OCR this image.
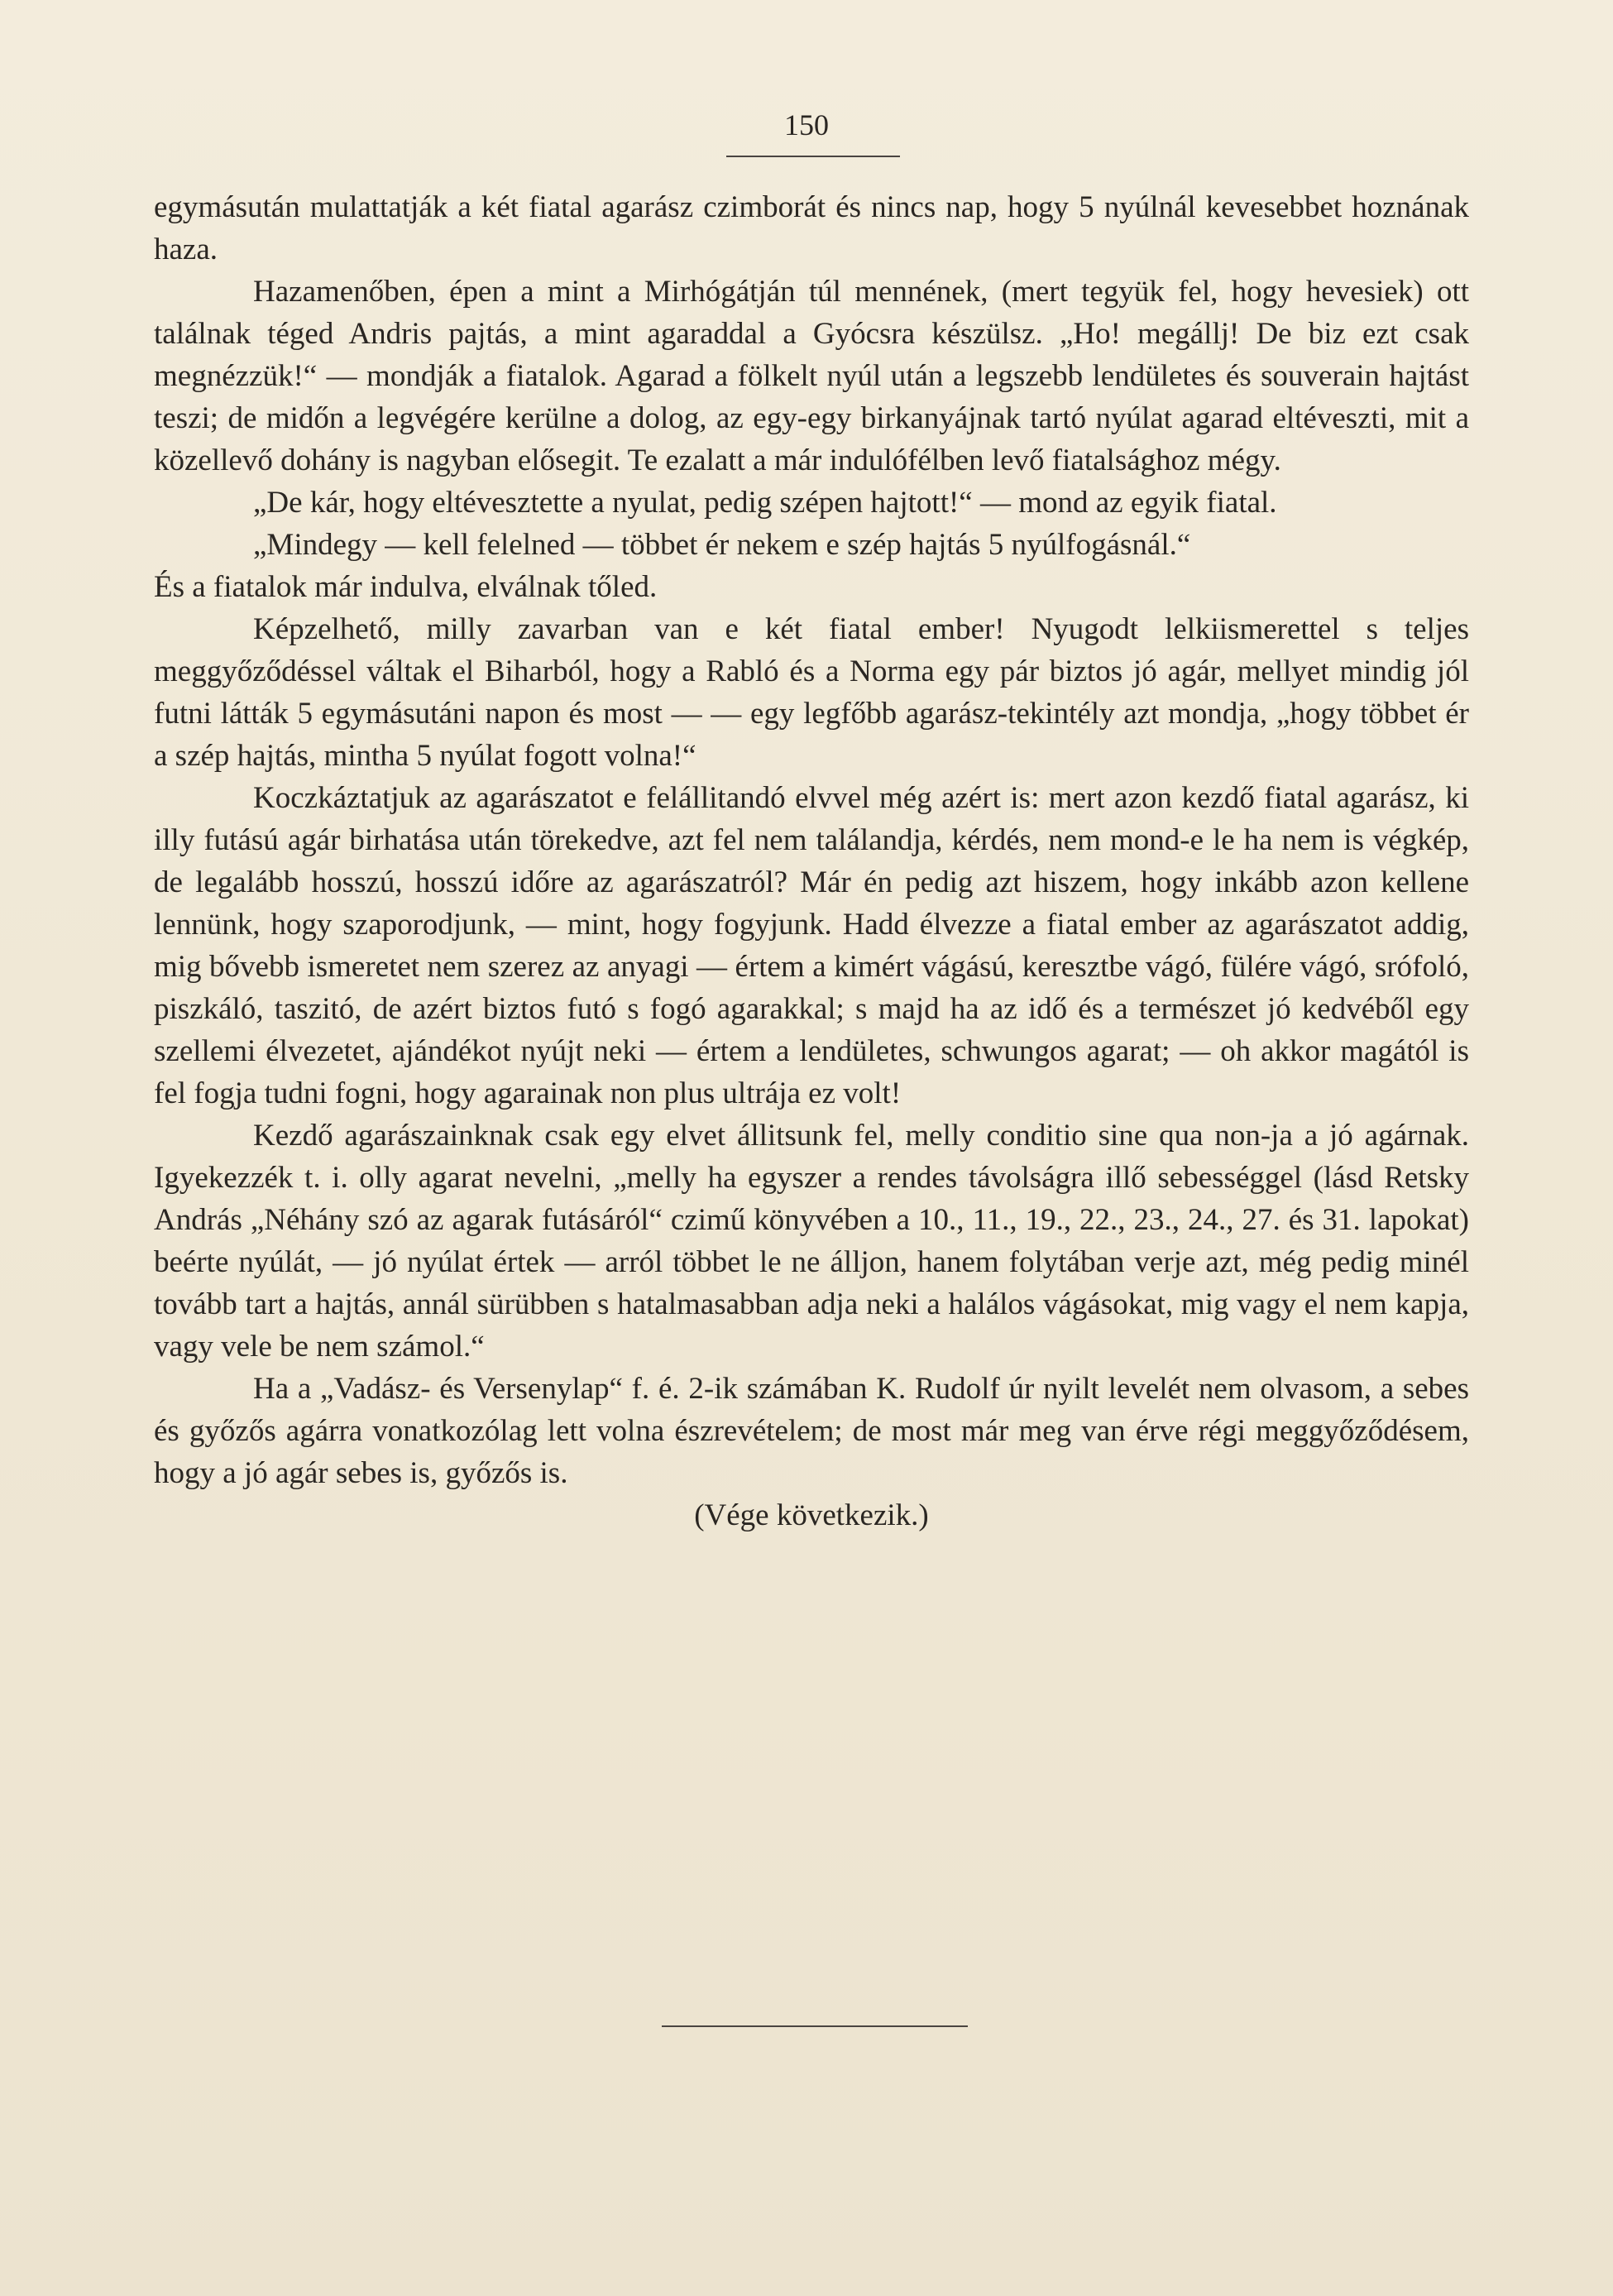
150

egymásután mulattatják a két fiatal agarász czimborát és nincs nap, hogy 5 nyúlnál kevesebbet hoznának haza.

Hazamenőben, épen a mint a Mirhógátján túl mennének, (mert tegyük fel, hogy hevesiek) ott találnak téged Andris pajtás, a mint agaraddal a Gyócsra készülsz. „Ho! megállj! De biz ezt csak megnézzük!“ — mondják a fiatalok. Agarad a fölkelt nyúl után a legszebb lendületes és souverain hajtást teszi; de midőn a legvégére kerülne a dolog, az egy-egy birkanyájnak tartó nyúlat agarad eltéveszti, mit a közellevő dohány is nagyban elősegit. Te ezalatt a már indulófélben levő fiatalsághoz mégy.

„De kár, hogy eltévesztette a nyulat, pedig szépen hajtott!“ — mond az egyik fiatal.

„Mindegy — kell felelned — többet ér nekem e szép hajtás 5 nyúlfogásnál.“

És a fiatalok már indulva, elválnak tőled.

Képzelhető, milly zavarban van e két fiatal ember! Nyugodt lelkiismerettel s teljes meggyőződéssel váltak el Biharból, hogy a Rabló és a Norma egy pár biztos jó agár, mellyet mindig jól futni látták 5 egymásutáni napon és most — — egy legfőbb agarász-tekintély azt mondja, „hogy többet ér a szép hajtás, mintha 5 nyúlat fogott volna!“

Koczkáztatjuk az agarászatot e felállitandó elvvel még azért is: mert azon kezdő fiatal agarász, ki illy futású agár birhatása után törekedve, azt fel nem találandja, kérdés, nem mond-e le ha nem is végkép, de legalább hosszú, hosszú időre az agarászatról? Már én pedig azt hiszem, hogy inkább azon kellene lennünk, hogy szaporodjunk, — mint, hogy fogyjunk. Hadd élvezze a fiatal ember az agarászatot addig, mig bővebb ismeretet nem szerez az anyagi — értem a kimért vágású, keresztbe vágó, fülére vágó, srófoló, piszkáló, taszitó, de azért biztos futó s fogó agarakkal; s majd ha az idő és a természet jó kedvéből egy szellemi élvezetet, ajándékot nyújt neki — értem a lendületes, schwungos agarat; — oh akkor magától is fel fogja tudni fogni, hogy agarainak non plus ultrája ez volt!

Kezdő agarászainknak csak egy elvet állitsunk fel, melly conditio sine qua non-ja a jó agárnak. Igyekezzék t. i. olly agarat nevelni, „melly ha egyszer a rendes távolságra illő sebességgel (lásd Retsky András „Néhány szó az agarak futásáról“ czimű könyvében a 10., 11., 19., 22., 23., 24., 27. és 31. lapokat) beérte nyúlát, — jó nyúlat értek — arról többet le ne álljon, hanem folytában verje azt, még pedig minél tovább tart a hajtás, annál sürübben s hatalmasabban adja neki a halálos vágásokat, mig vagy el nem kapja, vagy vele be nem számol.“

Ha a „Vadász- és Versenylap“ f. é. 2-ik számában K. Rudolf úr nyilt levelét nem olvasom, a sebes és győzős agárra vonatkozólag lett volna észrevételem; de most már meg van érve régi meggyőződésem, hogy a jó agár sebes is, győzős is.

(Vége következik.)
